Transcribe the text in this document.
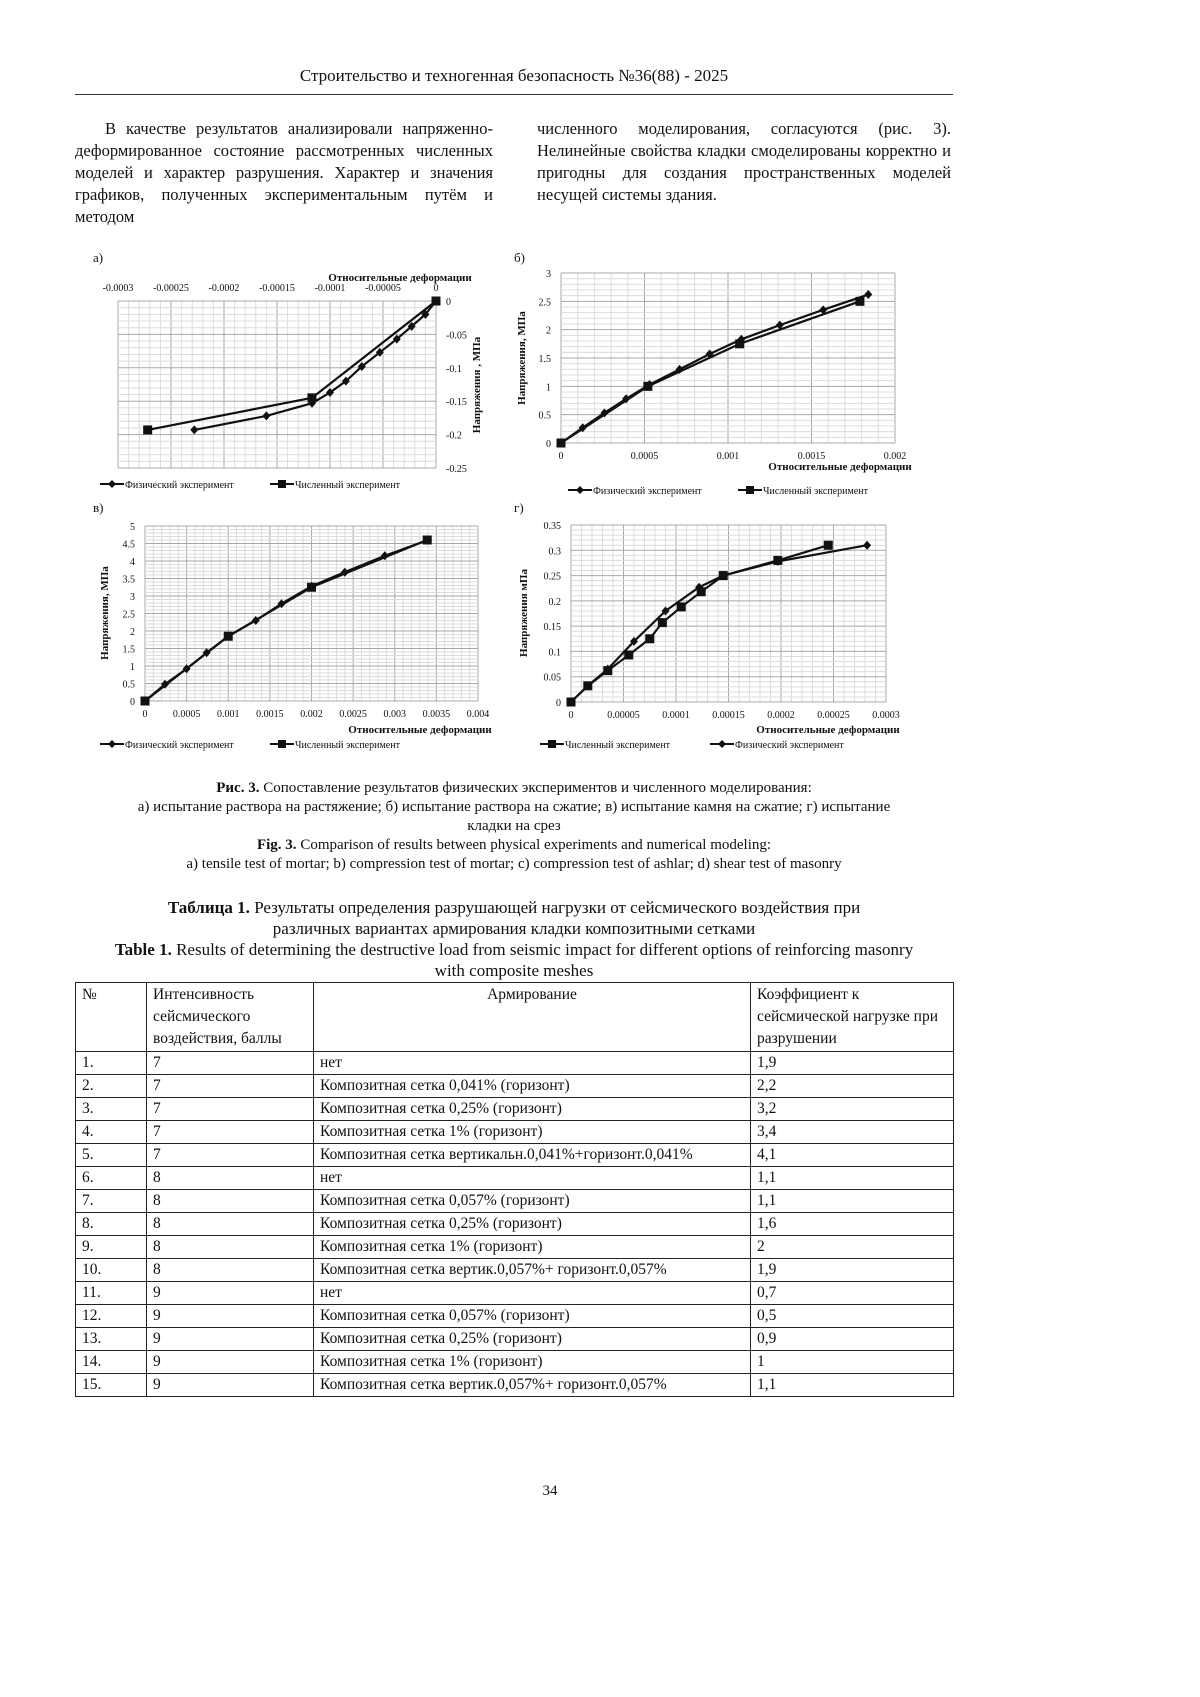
Строительство и техногенная безопасность №36(88) - 2025

В качестве результатов анализировали напряженно-деформированное состояние рассмотренных численных моделей и характер разрушения. Характер и значения графиков, полученных экспериментальным путём и методом

численного моделирования, согласуются (рис. 3). Нелинейные свойства кладки смоделированы корректно и пригодны для создания пространственных моделей несущей системы здания.

-0.0003 -0.00025 -0.0002 -0.00015 -0.0001 -0.00005	0
0
-0.05
-0.1
-0.15
-0.2
-0.25
а)
Относительные деформации
Напряжения , МПа
Физический эксперимент	Численный эксперимент
0	0.0005	0.001	0.0015	0.002
3
2.5
2
1.5
1
0.5
0
б)
Относительные деформации
Напряжения, МПа
Физический эксперимент	Численный эксперимент
0	0.0005 0.001 0.0015 0.002 0.0025 0.003 0.0035 0.004
5
4.5
4
3.5
3
2.5
2
1.5
1
0.5
0
в)
Относительные деформации
Напряжения, МПа
Физический эксперимент	Численный эксперимент
0	0.00005 0.0001 0.00015 0.0002 0.00025 0.0003
0.35
0.3
0.25
0.2
0.15
0.1
0.05
0
г)
Относительные деформации
Напряжения мПа
Численный эксперимент	Физический эксперимент
Рис. 3. Сопоставление результатов физических экспериментов и численного моделирования:
а) испытание раствора на растяжение; б) испытание раствора на сжатие; в) испытание камня на сжатие; г) испытание кладки на срез
Fig. 3. Comparison of results between physical experiments and numerical modeling:
a) tensile test of mortar; b) compression test of mortar; c) compression test of ashlar; d) shear test of masonry
Таблица 1. Результаты определения разрушающей нагрузки от сейсмического воздействия при различных вариантах армирования кладки композитными сетками
Table 1. Results of determining the destructive load from seismic impact for different options of reinforcing masonry with composite meshes
№	Интенсивность сейсмического воздействия, баллы	Армирование	Коэффициент к сейсмической нагрузке при разрушении
1.	7	нет	1,9
2.	7	Композитная сетка 0,041% (горизонт)	2,2
3.	7	Композитная сетка 0,25% (горизонт)	3,2
4.	7	Композитная сетка 1% (горизонт)	3,4
5.	7	Композитная сетка вертикальн.0,041%+горизонт.0,041%	4,1
6.	8	нет	1,1
7.	8	Композитная сетка 0,057% (горизонт)	1,1
8.	8	Композитная сетка 0,25% (горизонт)	1,6
9.	8	Композитная сетка 1% (горизонт)	2
10.	8	Композитная сетка вертик.0,057%+ горизонт.0,057%	1,9
11.	9	нет	0,7
12.	9	Композитная сетка 0,057% (горизонт)	0,5
13.	9	Композитная сетка 0,25% (горизонт)	0,9
14.	9	Композитная сетка 1% (горизонт)	1
15.	9	Композитная сетка вертик.0,057%+ горизонт.0,057%	1,1
34
